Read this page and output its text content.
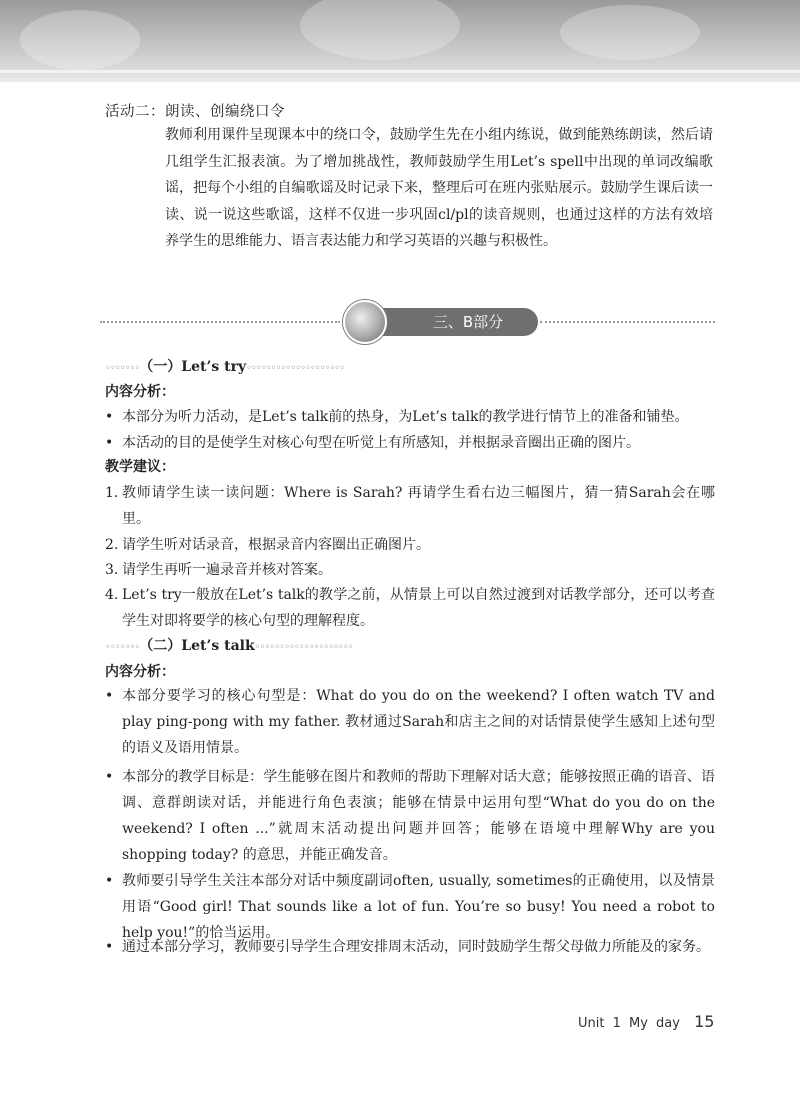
活动二：朗读、创编绕口令
教师利用课件呈现课本中的绕口令，鼓励学生先在小组内练说，做到能熟练朗读，然后请几组学生汇报表演。为了增加挑战性，教师鼓励学生用Let’s spell中出现的单词改编歌谣，把每个小组的自编歌谣及时记录下来，整理后可在班内张贴展示。鼓励学生课后读一读、说一说这些歌谣，这样不仅进一步巩固cl/pl的读音规则，也通过这样的方法有效培养学生的思维能力、语言表达能力和学习英语的兴趣与积极性。
三、B部分
◦◦◦◦◦◦◦（一）Let’s try◦◦◦◦◦◦◦◦◦◦◦◦◦◦◦◦◦◦◦◦
内容分析：
• 本部分为听力活动，是Let’s talk前的热身，为Let’s talk的教学进行情节上的准备和铺垫。
• 本活动的目的是使学生对核心句型在听觉上有所感知，并根据录音圈出正确的图片。
教学建议：
1. 教师请学生读一读问题：Where is Sarah? 再请学生看右边三幅图片，猜一猜Sarah会在哪里。
2. 请学生听对话录音，根据录音内容圈出正确图片。
3. 请学生再听一遍录音并核对答案。
4. Let’s try一般放在Let’s talk的教学之前，从情景上可以自然过渡到对话教学部分，还可以考查学生对即将要学的核心句型的理解程度。
◦◦◦◦◦◦◦（二）Let’s talk◦◦◦◦◦◦◦◦◦◦◦◦◦◦◦◦◦◦◦◦
内容分析：
• 本部分要学习的核心句型是：What do you do on the weekend? I often watch TV and play ping-pong with my father. 教材通过Sarah和店主之间的对话情景使学生感知上述句型的语义及语用情景。
• 本部分的教学目标是：学生能够在图片和教师的帮助下理解对话大意；能够按照正确的语音、语调、意群朗读对话，并能进行角色表演；能够在情景中运用句型“What do you do on the weekend? I often ...”就周末活动提出问题并回答；能够在语境中理解Why are you shopping today? 的意思，并能正确发音。
• 教师要引导学生关注本部分对话中频度副词often, usually, sometimes的正确使用，以及情景用语“Good girl! That sounds like a lot of fun. You’re so busy! You need a robot to help you!”的恰当运用。
• 通过本部分学习，教师要引导学生合理安排周末活动，同时鼓励学生帮父母做力所能及的家务。
Unit 1 My day 15
